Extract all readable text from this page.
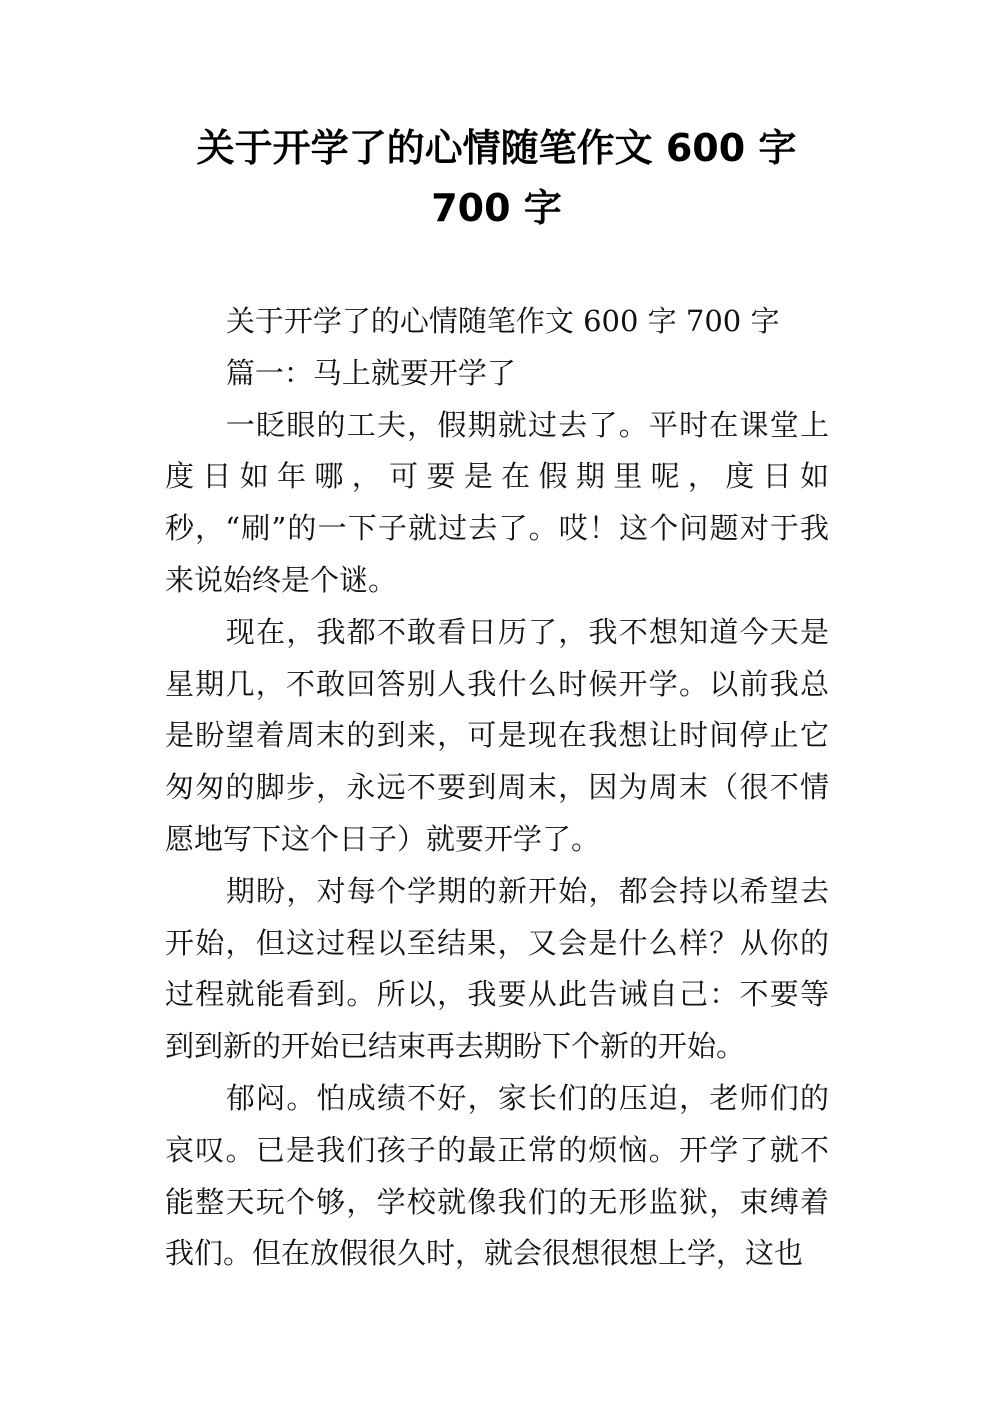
关于开学了的心情随笔作文 600 字
700 字

关于开学了的心情随笔作文 600 字 700 字

篇一：马上就要开学了

一眨眼的工夫，假期就过去了。平时在课堂上度日如年哪，可要是在假期里呢，度日如秒，“刷”的一下子就过去了。哎！这个问题对于我来说始终是个谜。

现在，我都不敢看日历了，我不想知道今天是星期几，不敢回答别人我什么时候开学。以前我总是盼望着周末的到来，可是现在我想让时间停止它匆匆的脚步，永远不要到周末，因为周末（很不情愿地写下这个日子）就要开学了。

期盼，对每个学期的新开始，都会持以希望去开始，但这过程以至结果，又会是什么样？从你的过程就能看到。所以，我要从此告诫自己：不要等到到新的开始已结束再去期盼下个新的开始。

郁闷。怕成绩不好，家长们的压迫，老师们的哀叹。已是我们孩子的最正常的烦恼。开学了就不能整天玩个够，学校就像我们的无形监狱，束缚着我们。但在放假很久时，就会很想很想上学，这也
